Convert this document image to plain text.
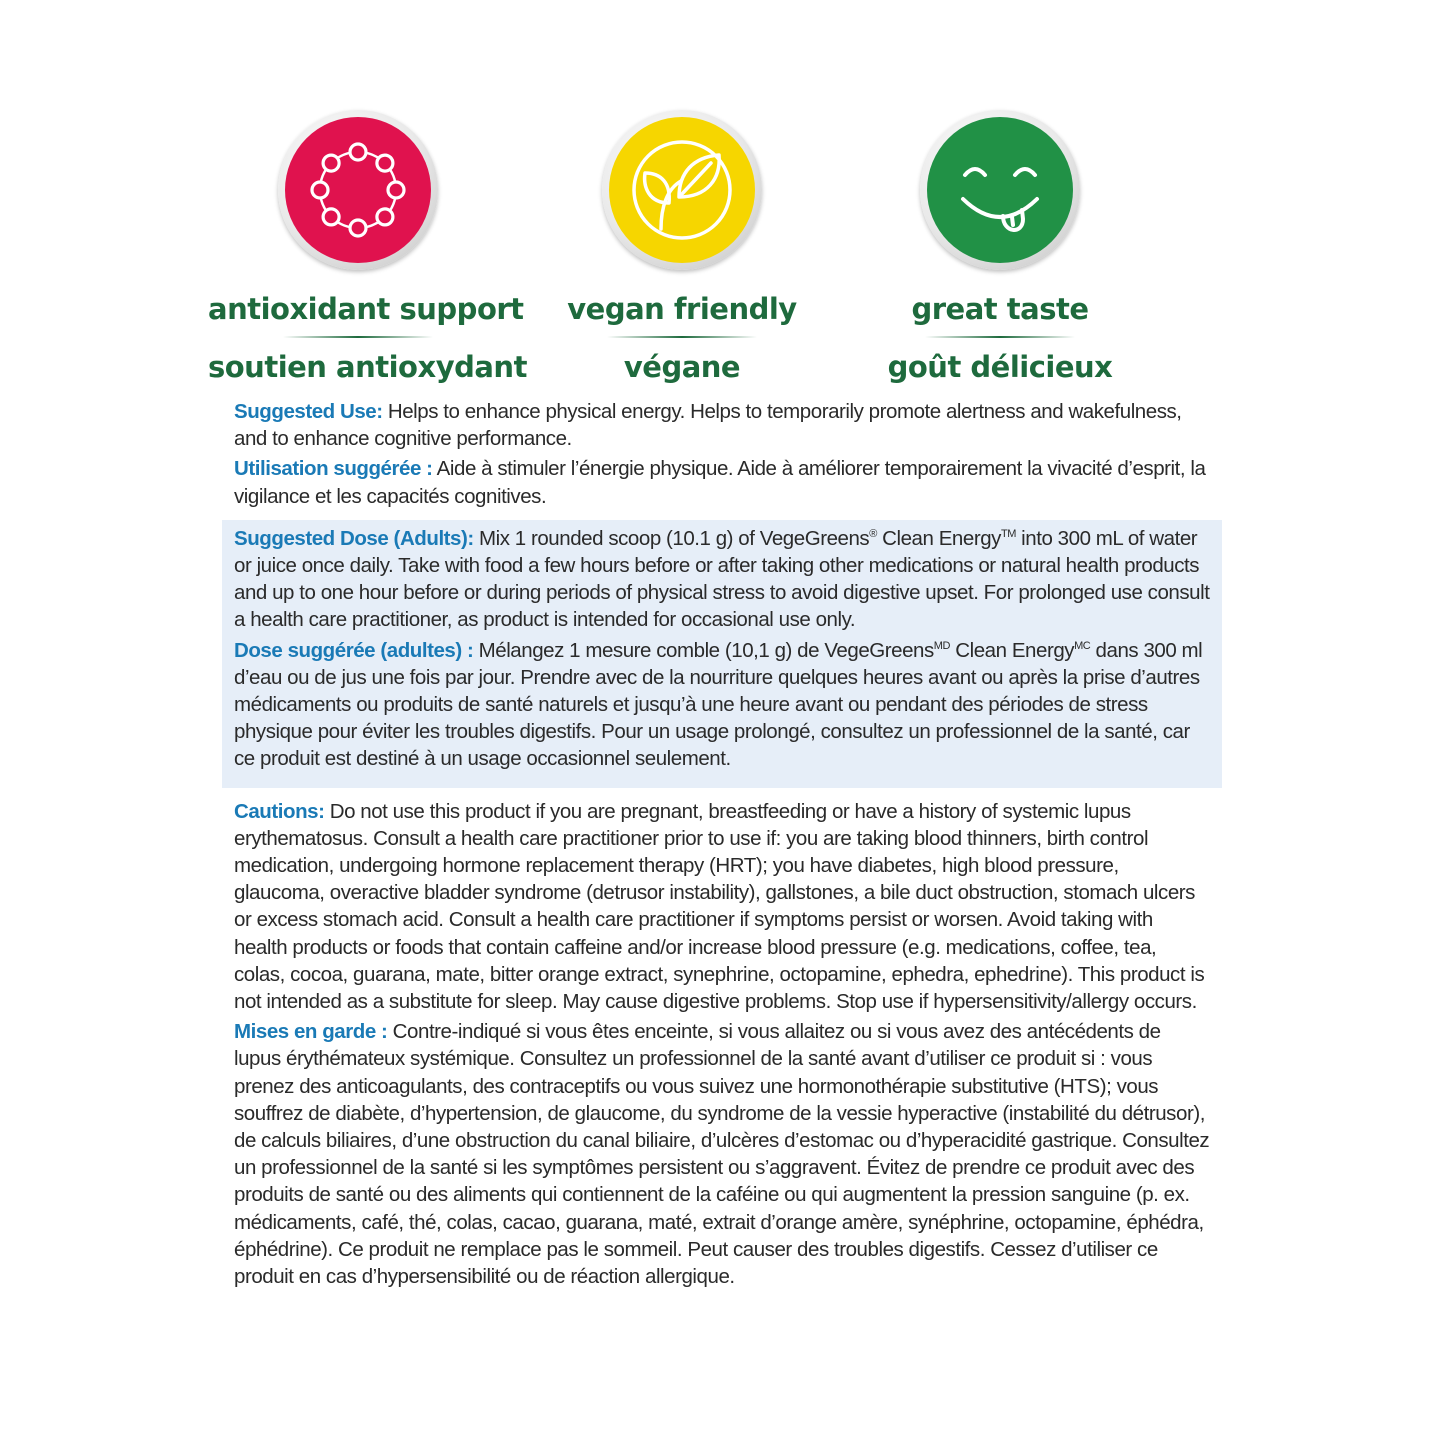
antioxidant support
soutien antioxydant
vegan friendly
végane
great taste
goût délicieux

Suggested Use: Helps to enhance physical energy. Helps to temporarily promote alertness and wakefulness, and to enhance cognitive performance.

Utilisation suggérée : Aide à stimuler l’énergie physique. Aide à améliorer temporairement la vivacité d’esprit, la vigilance et les capacités cognitives.

Suggested Dose (Adults): Mix 1 rounded scoop (10.1 g) of VegeGreens® Clean Energy™ into 300 mL of water or juice once daily. Take with food a few hours before or after taking other medications or natural health products and up to one hour before or during periods of physical stress to avoid digestive upset. For prolonged use consult a health care practitioner, as product is intended for occasional use only.

Dose suggérée (adultes) : Mélangez 1 mesure comble (10,1 g) de VegeGreens$^{MD}$ Clean Energy$^{MC}$ dans 300 ml d’eau ou de jus une fois par jour. Prendre avec de la nourriture quelques heures avant ou après la prise d’autres médicaments ou produits de santé naturels et jusqu’à une heure avant ou pendant des périodes de stress physique pour éviter les troubles digestifs. Pour un usage prolongé, consultez un professionnel de la santé, car ce produit est destiné à un usage occasionnel seulement.

Cautions: Do not use this product if you are pregnant, breastfeeding or have a history of systemic lupus erythematosus. Consult a health care practitioner prior to use if: you are taking blood thinners, birth control medication, undergoing hormone replacement therapy (HRT); you have diabetes, high blood pressure, glaucoma, overactive bladder syndrome (detrusor instability), gallstones, a bile duct obstruction, stomach ulcers or excess stomach acid. Consult a health care practitioner if symptoms persist or worsen. Avoid taking with health products or foods that contain caffeine and/or increase blood pressure (e.g. medications, coffee, tea, colas, cocoa, guarana, mate, bitter orange extract, synephrine, octopamine, ephedra, ephedrine). This product is not intended as a substitute for sleep. May cause digestive problems. Stop use if hypersensitivity/allergy occurs.

Mises en garde : Contre-indiqué si vous êtes enceinte, si vous allaitez ou si vous avez des antécédents de lupus érythémateux systémique. Consultez un professionnel de la santé avant d’utiliser ce produit si : vous prenez des anticoagulants, des contraceptifs ou vous suivez une hormonothérapie substitutive (HTS); vous souffrez de diabète, d’hypertension, de glaucome, du syndrome de la vessie hyperactive (instabilité du détrusor), de calculs biliaires, d’une obstruction du canal biliaire, d’ulcères d’estomac ou d’hyperacidité gastrique. Consultez un professionnel de la santé si les symptômes persistent ou s’aggravent. Évitez de prendre ce produit avec des produits de santé ou des aliments qui contiennent de la caféine ou qui augmentent la pression sanguine (p. ex. médicaments, café, thé, colas, cacao, guarana, maté, extrait d’orange amère, synéphrine, octopamine, éphédra, éphédrine). Ce produit ne remplace pas le sommeil. Peut causer des troubles digestifs. Cessez d’utiliser ce produit en cas d’hypersensibilité ou de réaction allergique.
